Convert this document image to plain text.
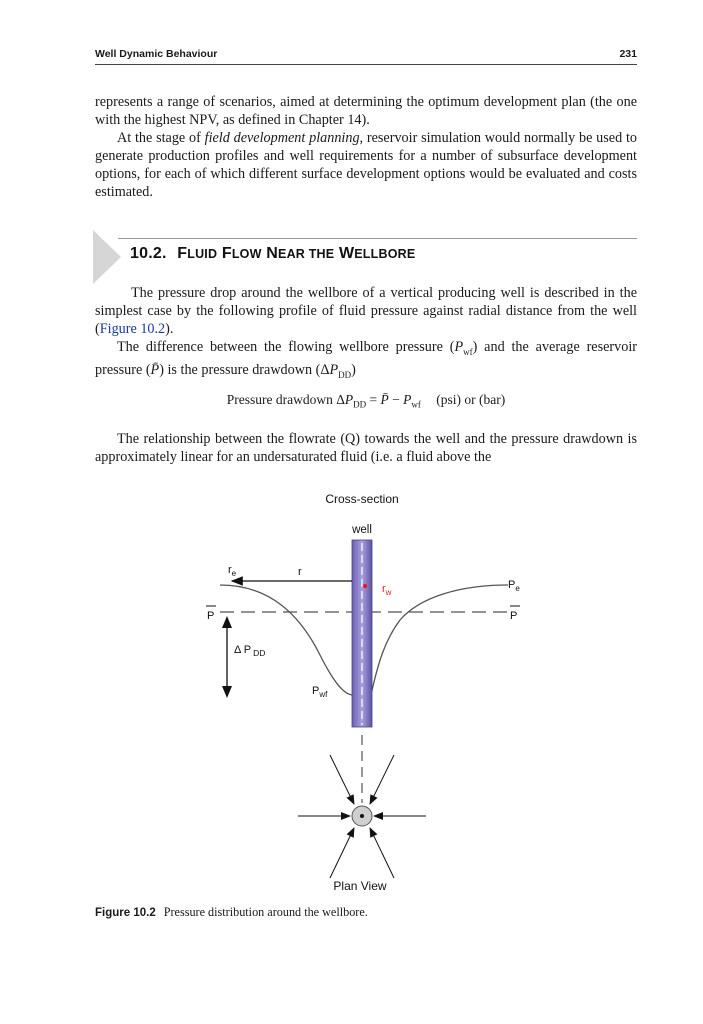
Well Dynamic Behaviour	231
represents a range of scenarios, aimed at determining the optimum development plan (the one with the highest NPV, as defined in Chapter 14).
At the stage of field development planning, reservoir simulation would normally be used to generate production profiles and well requirements for a number of subsurface development options, for each of which different surface development options would be evaluated and costs estimated.
10.2. FLUID FLOW NEAR THE WELLBORE
The pressure drop around the wellbore of a vertical producing well is described in the simplest case by the following profile of fluid pressure against radial distance from the well (Figure 10.2).
The difference between the flowing wellbore pressure $(P_{wf})$ and the average reservoir pressure (P̄) is the pressure drawdown $(\Delta P_{DD})$
Pressure drawdown $\Delta P_{DD}$ = P̄ − $P_{wf}$ (psi) or (bar)
The relationship between the flowrate (Q) towards the well and the pressure drawdown is approximately linear for an undersaturated fluid (i.e. a fluid above the
Cross-section
well
$r_e$	r
$r_w$
$P_e$
P	P
Δ P $_{DD}$
$P_{wf}$
Plan View
Figure 10.2 Pressure distribution around the wellbore.
